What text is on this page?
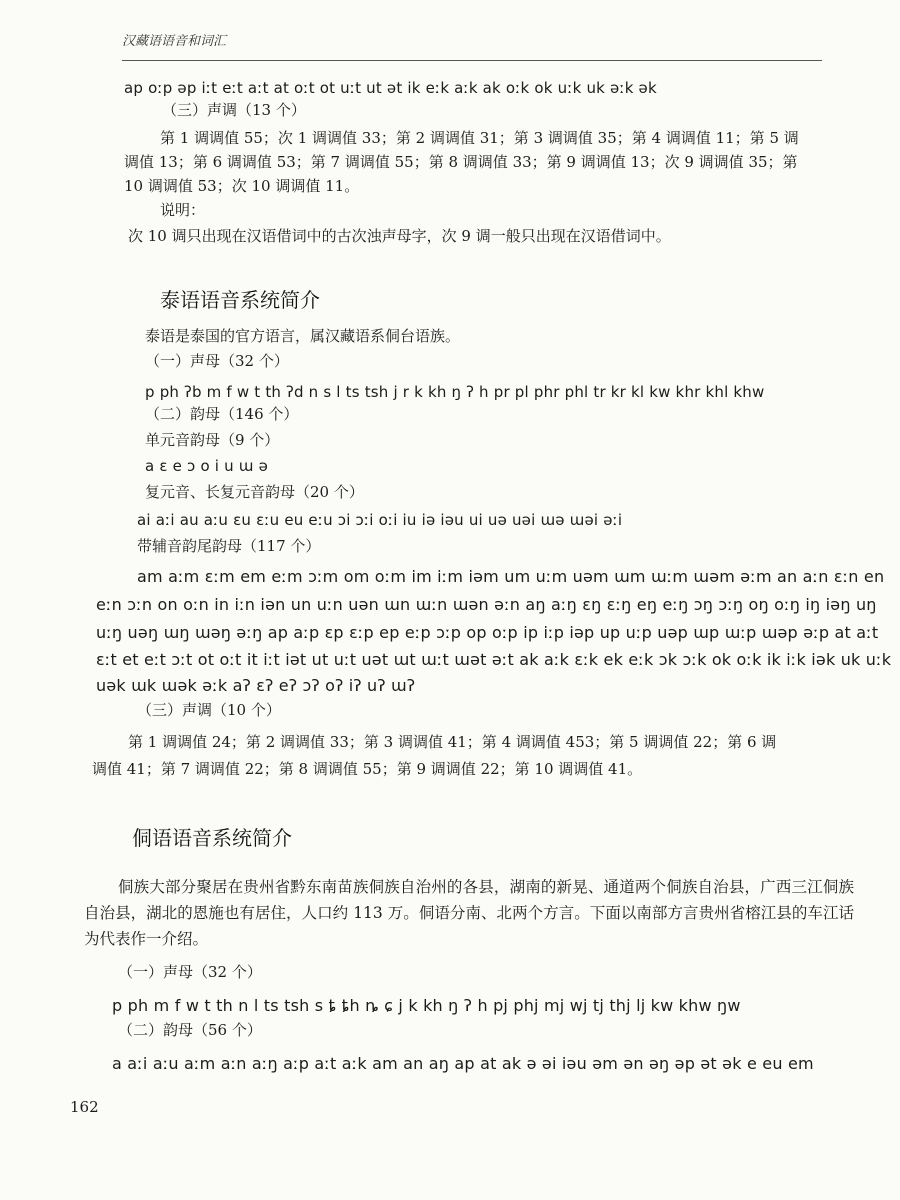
汉藏语语音和词汇
ap oːp əp iːt eːt aːt at oːt ot uːt ut ət ik eːk aːk ak oːk ok uːk uk əːk ək
（三）声调（13 个）
第 1 调调值 55；次 1 调调值 33；第 2 调调值 31；第 3 调调值 35；第 4 调调值 11；第 5 调
调值 13；第 6 调调值 53；第 7 调调值 55；第 8 调调值 33；第 9 调调值 13；次 9 调调值 35；第
10 调调值 53；次 10 调调值 11。
说明：
次 10 调只出现在汉语借词中的古次浊声母字，次 9 调一般只出现在汉语借词中。
泰语语音系统简介
泰语是泰国的官方语言，属汉藏语系侗台语族。
（一）声母（32 个）
p ph ʔb m f w t th ʔd n s l ts tsh j r k kh ŋ ʔ h pr pl phr phl tr kr kl kw khr khl khw
（二）韵母（146 个）
单元音韵母（9 个）
a ɛ e ɔ o i u ɯ ə
复元音、长复元音韵母（20 个）
ai aːi au aːu ɛu ɛːu eu eːu ɔi ɔːi oːi iu iə iəu ui uə uəi ɯə ɯəi əːi
带辅音韵尾韵母（117 个）
am aːm ɛːm em eːm ɔːm om oːm im iːm iəm um uːm uəm ɯm ɯːm ɯəm əːm an aːn ɛːn en
eːn ɔːn on oːn in iːn iən un uːn uən ɯn ɯːn ɯən əːn aŋ aːŋ ɛŋ ɛːŋ eŋ eːŋ ɔŋ ɔːŋ oŋ oːŋ iŋ iəŋ uŋ
uːŋ uəŋ ɯŋ ɯəŋ əːŋ ap aːp ɛp ɛːp ep eːp ɔːp op oːp ip iːp iəp up uːp uəp ɯp ɯːp ɯəp əːp at aːt
ɛːt et eːt ɔːt ot oːt it iːt iət ut uːt uət ɯt ɯːt ɯət əːt ak aːk ɛːk ek eːk ɔk ɔːk ok oːk ik iːk iək uk uːk
uək ɯk ɯək əːk aʔ ɛʔ eʔ ɔʔ oʔ iʔ uʔ ɯʔ
（三）声调（10 个）
第 1 调调值 24；第 2 调调值 33；第 3 调调值 41；第 4 调调值 453；第 5 调调值 22；第 6 调
调值 41；第 7 调调值 22；第 8 调调值 55；第 9 调调值 22；第 10 调调值 41。
侗语语音系统简介
侗族大部分聚居在贵州省黔东南苗族侗族自治州的各县，湖南的新晃、通道两个侗族自治县，广西三江侗族自治县，湖北的恩施也有居住，人口约 113 万。侗语分南、北两个方言。下面以南部方言贵州省榕江县的车江话为代表作一介绍。
（一）声母（32 个）
p ph m f w t th n l ts tsh s ȶ ȶh ȵ ɕ j k kh ŋ ʔ h pj phj mj wj tj thj lj kw khw ŋw
（二）韵母（56 个）
a aːi aːu aːm aːn aːŋ aːp aːt aːk am an aŋ ap at ak ə əi iəu əm ən əŋ əp ət ək e eu em
162
